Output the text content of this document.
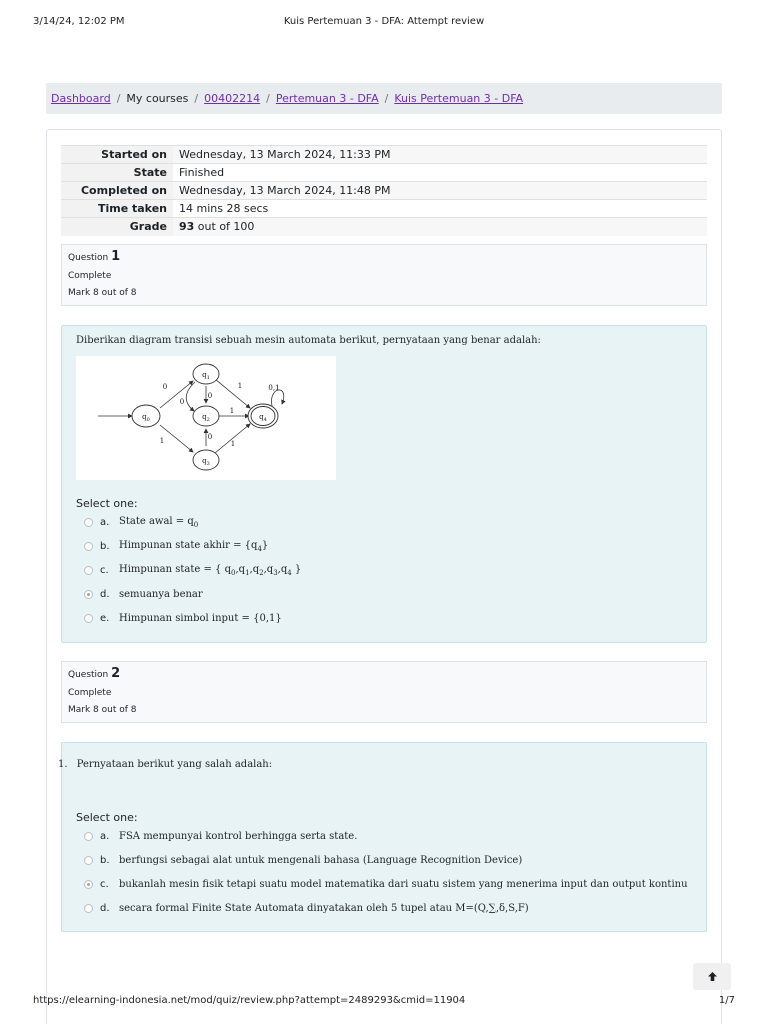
3/14/24, 12:02 PM	Kuis Pertemuan 3 - DFA: Attempt review
Dashboard / My courses / 00402214 / Pertemuan 3 - DFA / Kuis Pertemuan 3 - DFA
Started on	Wednesday, 13 March 2024, 11:33 PM
State	Finished
Completed on	Wednesday, 13 March 2024, 11:48 PM
Time taken	14 mins 28 secs
Grade	93 out of 100
Question 1
Complete
Mark 8 out of 8
Diberikan diagram transisi sebuah mesin automata berikut, pernyataan yang benar adalah:
$q_0$
$q_1$
$q_2$
$q_3$
$q_4$
0
0
1
0
1
0
1
1
0,1
Select one:
a. State awal = $q_0$
b. Himpunan state akhir = $\{q_4\}$
c.	Himpunan state = { $q_0,q_1,q_2,q_3,q_4$ }
d. semuanya benar
e. Himpunan simbol input = {0,1}
Question 2
Complete
Mark 8 out of 8
1. Pernyataan berikut yang salah adalah:
Select one:
a. FSA mempunyai kontrol berhingga serta state.
b. berfungsi sebagai alat untuk mengenali bahasa (Language Recognition Device)
c.	bukanlah mesin fisik tetapi suatu model matematika dari suatu sistem yang menerima input dan output kontinu
d. secara formal Finite State Automata dinyatakan oleh 5 tupel atau M=(Q,∑,δ,S,F)
https://elearning-indonesia.net/mod/quiz/review.php?attempt=2489293&cmid=11904	1/7
